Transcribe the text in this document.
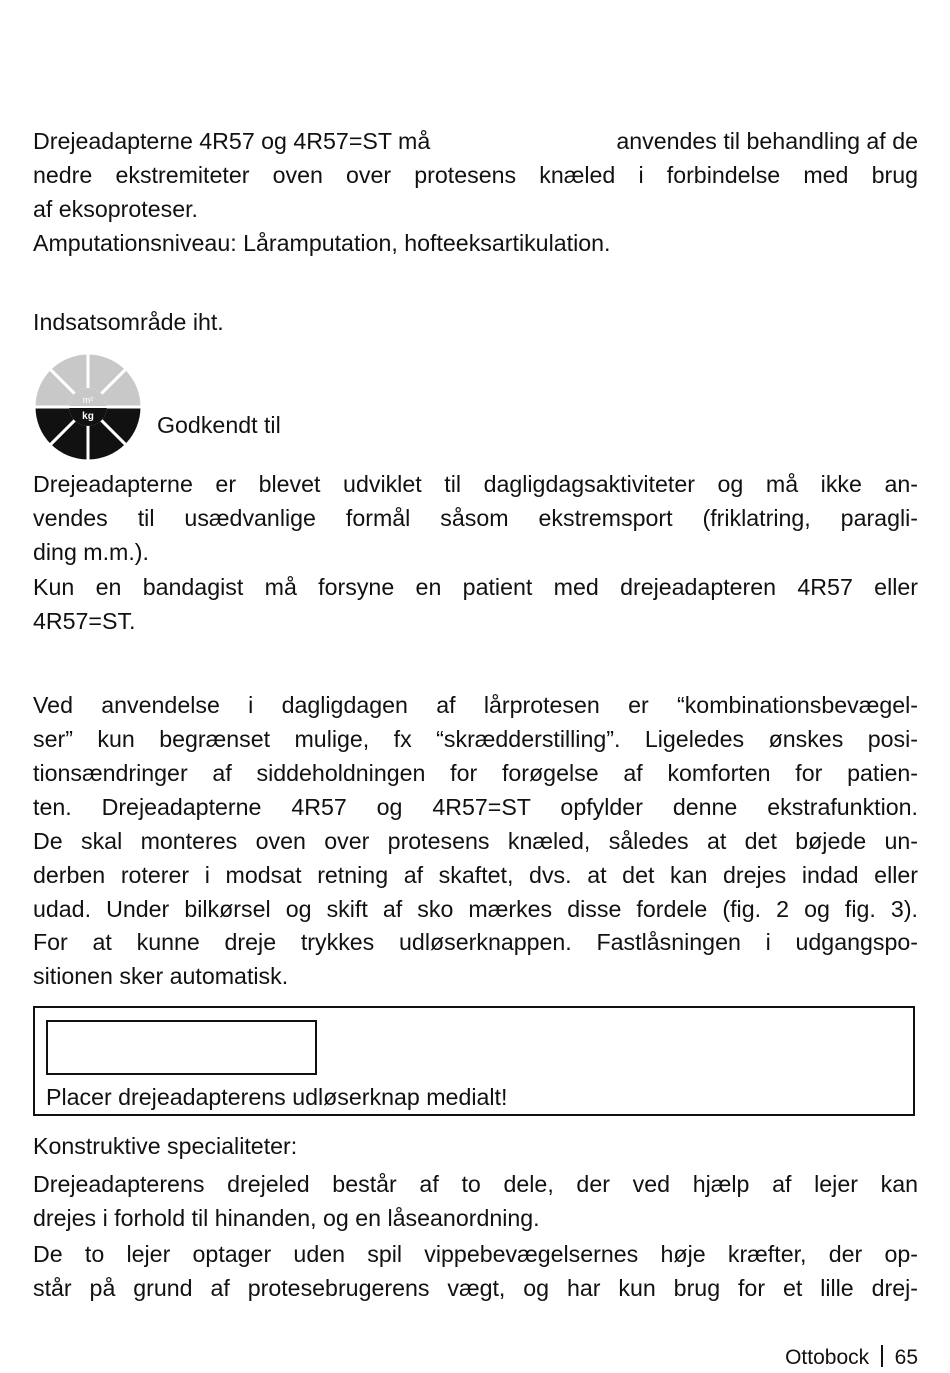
Drejeadapterne 4R57 og 4R57=ST må	anvendes til behandling af de
nedre ekstremiteter oven over protesens knæled i forbindelse med brug
af eksoproteser.
Amputationsniveau: Låramputation, hofteeksartikulation.
Indsatsområde iht.
m²
kg	Godkendt til
Drejeadapterne er blevet udviklet til dagligdagsaktiviteter og må ikke an-
vendes til usædvanlige formål såsom ekstremsport (friklatring, paragli-
ding m.m.).
Kun en bandagist må forsyne en patient med drejeadapteren 4R57 eller
4R57=ST.
Ved anvendelse i dagligdagen af lårprotesen er “kombinationsbevægel-
ser” kun begrænset mulige, fx “skrædderstilling”. Ligeledes ønskes posi-
tionsændringer af siddeholdningen for forøgelse af komforten for patien-
ten. Drejeadapterne 4R57 og 4R57=ST opfylder denne ekstrafunktion.
De skal monteres oven over protesens knæled, således at det bøjede un-
derben roterer i modsat retning af skaftet, dvs. at det kan drejes indad eller
udad. Under bilkørsel og skift af sko mærkes disse fordele (fig. 2 og fig. 3).
For at kunne dreje trykkes udløserknappen. Fastlåsningen i udgangspo-
sitionen sker automatisk.
Placer drejeadapterens udløserknap medialt!
Konstruktive specialiteter:
Drejeadapterens drejeled består af to dele, der ved hjælp af lejer kan
drejes i forhold til hinanden, og en låseanordning.
De to lejer optager uden spil vippebevægelsernes høje kræfter, der op-
står på grund af protesebrugerens vægt, og har kun brug for et lille drej-
Ottobock 65
